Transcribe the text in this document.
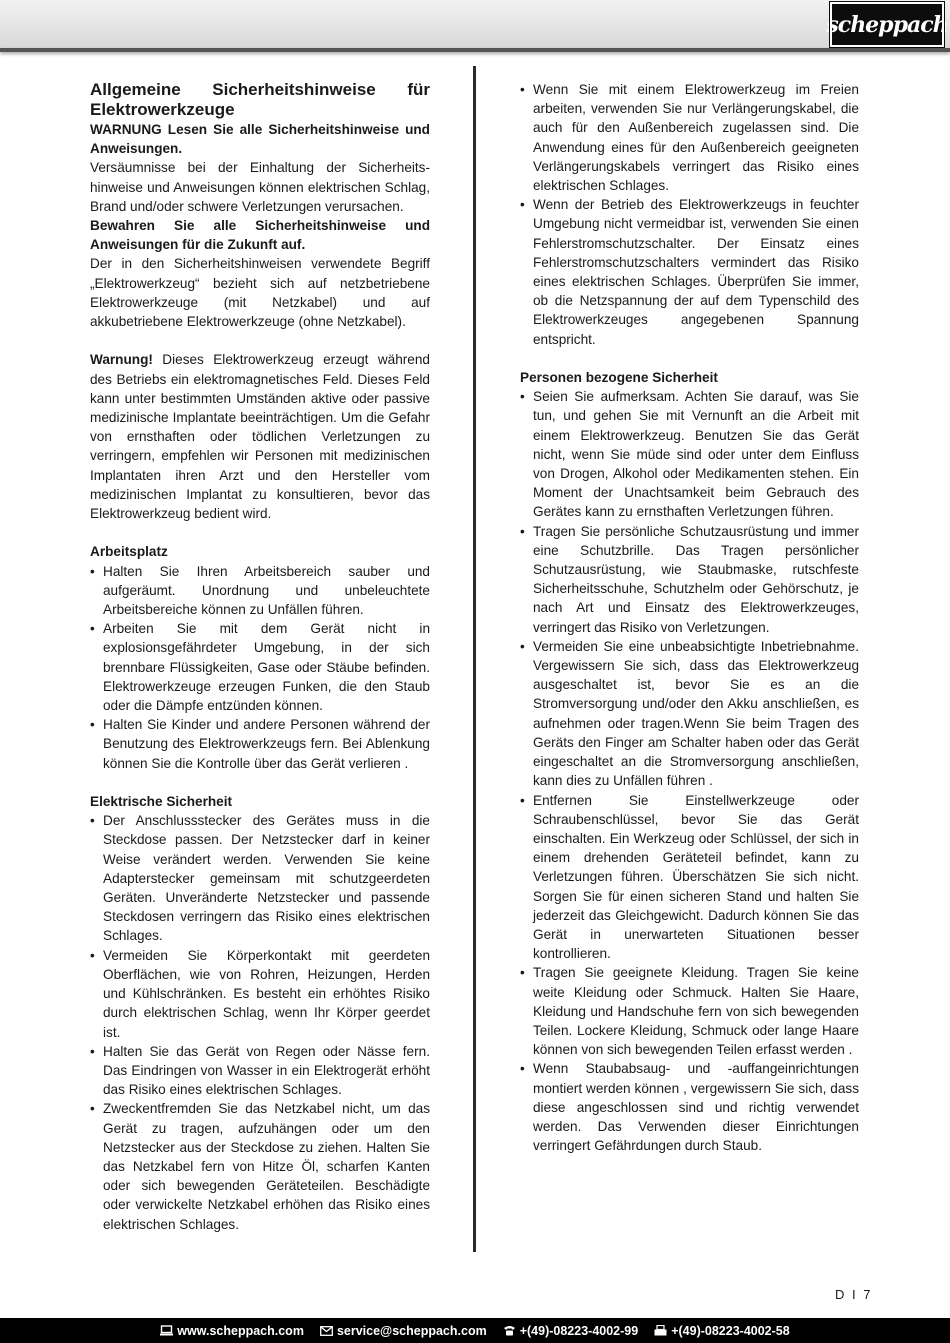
scheppach
Allgemeine Sicherheitshinweise für
Elektrowerkzeuge

WARNUNG Lesen Sie alle Sicherheitshinweise und Anweisungen.

Versäumnisse bei der Einhaltung der Sicherheits-hinweise und Anweisungen können elektrischen Schlag, Brand und/oder schwere Verletzungen verursachen.

Bewahren Sie alle Sicherheitshinweise und Anweisungen für die Zukunft auf.

Der in den Sicherheitshinweisen verwendete Begriff „Elektrowerkzeug“ bezieht sich auf netzbetriebene Elektrowerkzeuge (mit Netzkabel) und auf akkubetriebene Elektrowerkzeuge (ohne Netzkabel).

Warnung! Dieses Elektrowerkzeug erzeugt während des Betriebs ein elektromagnetisches Feld. Dieses Feld kann unter bestimmten Umständen aktive oder passive medizinische Implantate beeinträchtigen. Um die Gefahr von ernsthaften oder tödlichen Verletzungen zu verringern, empfehlen wir Personen mit medizinischen Implantaten ihren Arzt und den Hersteller vom medizinischen Implantat zu konsultieren, bevor das Elektrowerkzeug bedient wird.

Arbeitsplatz
• Halten Sie Ihren Arbeitsbereich sauber und aufgeräumt. Unordnung und unbeleuchtete Arbeitsbereiche können zu Unfällen führen.
• Arbeiten Sie mit dem Gerät nicht in explosionsgefährdeter Umgebung, in der sich brennbare Flüssigkeiten, Gase oder Stäube befinden. Elektrowerkzeuge erzeugen Funken, die den Staub oder die Dämpfe entzünden können.
• Halten Sie Kinder und andere Personen während der Benutzung des Elektrowerkzeugs fern. Bei Ablenkung können Sie die Kontrolle über das Gerät verlieren .
Elektrische Sicherheit
• Der Anschlussstecker des Gerätes muss in die Steckdose passen. Der Netzstecker darf in keiner Weise verändert werden. Verwenden Sie keine Adapterstecker gemeinsam mit schutzgeerdeten Geräten. Unveränderte Netzstecker und passende Steckdosen verringern das Risiko eines elektrischen Schlages.
• Vermeiden Sie Körperkontakt mit geerdeten Oberflächen, wie von Rohren, Heizungen, Herden und Kühlschränken. Es besteht ein erhöhtes Risiko durch elektrischen Schlag, wenn Ihr Körper geerdet ist.
• Halten Sie das Gerät von Regen oder Nässe fern. Das Eindringen von Wasser in ein Elektrogerät erhöht das Risiko eines elektrischen Schlages.
• Zweckentfremden Sie das Netzkabel nicht, um das Gerät zu tragen, aufzuhängen oder um den Netzstecker aus der Steckdose zu ziehen. Halten Sie das Netzkabel fern von Hitze Öl, scharfen Kanten oder sich bewegenden Geräteteilen. Beschädigte oder verwickelte Netzkabel erhöhen das Risiko eines elektrischen Schlages.
• Wenn Sie mit einem Elektrowerkzeug im Freien arbeiten, verwenden Sie nur Verlängerungskabel, die auch für den Außenbereich zugelassen sind. Die Anwendung eines für den Außenbereich geeigneten Verlängerungskabels verringert das Risiko eines elektrischen Schlages.
• Wenn der Betrieb des Elektrowerkzeugs in feuchter Umgebung nicht vermeidbar ist, verwenden Sie einen Fehlerstromschutzschalter. Der Einsatz eines Fehlerstromschutzschalters vermindert das Risiko eines elektrischen Schlages. Überprüfen Sie immer, ob die Netzspannung der auf dem Typenschild des Elektrowerkzeuges angegebenen Spannung entspricht.
Personen bezogene Sicherheit
• Seien Sie aufmerksam. Achten Sie darauf, was Sie tun, und gehen Sie mit Vernunft an die Arbeit mit einem Elektrowerkzeug. Benutzen Sie das Gerät nicht, wenn Sie müde sind oder unter dem Einfluss von Drogen, Alkohol oder Medikamenten stehen. Ein Moment der Unachtsamkeit beim Gebrauch des Gerätes kann zu ernsthaften Verletzungen führen.
• Tragen Sie persönliche Schutzausrüstung und immer eine Schutzbrille. Das Tragen persönlicher Schutzausrüstung, wie Staubmaske, rutschfeste Sicherheitsschuhe, Schutzhelm oder Gehörschutz, je nach Art und Einsatz des Elektrowerkzeuges, verringert das Risiko von Verletzungen.
• Vermeiden Sie eine unbeabsichtigte Inbetriebnahme. Vergewissern Sie sich, dass das Elektrowerkzeug ausgeschaltet ist, bevor Sie es an die Stromversorgung und/oder den Akku anschließen, es aufnehmen oder tragen.Wenn Sie beim Tragen des Geräts den Finger am Schalter haben oder das Gerät eingeschaltet an die Stromversorgung anschließen, kann dies zu Unfällen führen .
• Entfernen Sie Einstellwerkzeuge oder Schraubenschlüssel, bevor Sie das Gerät einschalten. Ein Werkzeug oder Schlüssel, der sich in einem drehenden Geräteteil befindet, kann zu Verletzungen führen. Überschätzen Sie sich nicht. Sorgen Sie für einen sicheren Stand und halten Sie jederzeit das Gleichgewicht. Dadurch können Sie das Gerät in unerwarteten Situationen besser kontrollieren.
• Tragen Sie geeignete Kleidung. Tragen Sie keine weite Kleidung oder Schmuck. Halten Sie Haare, Kleidung und Handschuhe fern von sich bewegenden Teilen. Lockere Kleidung, Schmuck oder lange Haare können von sich bewegenden Teilen erfasst werden .
• Wenn Staubabsaug- und -auffangeinrichtungen montiert werden können , vergewissern Sie sich, dass diese angeschlossen sind und richtig verwendet werden. Das Verwenden dieser Einrichtungen verringert Gefährdungen durch Staub.
D I 7
www.scheppach.com	service@scheppach.com	+(49)-08223-4002-99	+(49)-08223-4002-58
